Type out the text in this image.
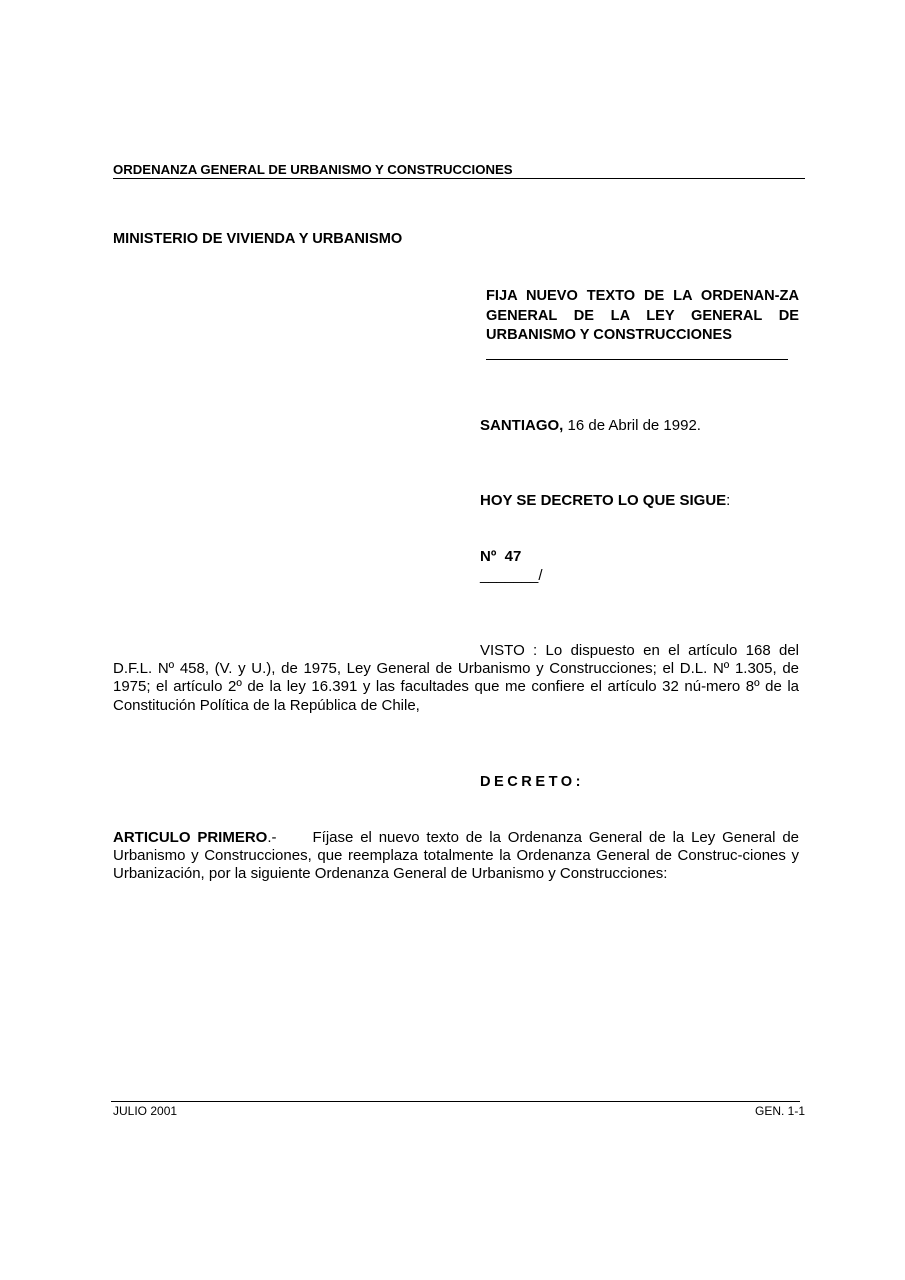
ORDENANZA GENERAL DE URBANISMO Y CONSTRUCCIONES
MINISTERIO DE VIVIENDA Y URBANISMO
FIJA NUEVO TEXTO DE LA ORDENAN-ZA GENERAL DE LA LEY GENERAL DE URBANISMO Y CONSTRUCCIONES
SANTIAGO, 16 de Abril de 1992.
HOY SE DECRETO LO QUE SIGUE:
Nº  47
_______/
VISTO : Lo dispuesto en el artículo 168 del D.F.L. Nº 458, (V. y U.), de 1975, Ley General de Urbanismo y Construcciones; el D.L. Nº 1.305, de 1975; el artículo 2º de la ley 16.391 y las facultades que me confiere el artículo 32 nú-mero 8º de la Constitución Política de la República de Chile,
DECRETO:
ARTICULO PRIMERO.- Fíjase el nuevo texto de la Ordenanza General de la Ley General de Urbanismo y Construcciones, que reemplaza totalmente la Ordenanza General de Construc-ciones y Urbanización, por la siguiente Ordenanza General de Urbanismo y Construcciones:
JULIO 2001	GEN. 1-1
